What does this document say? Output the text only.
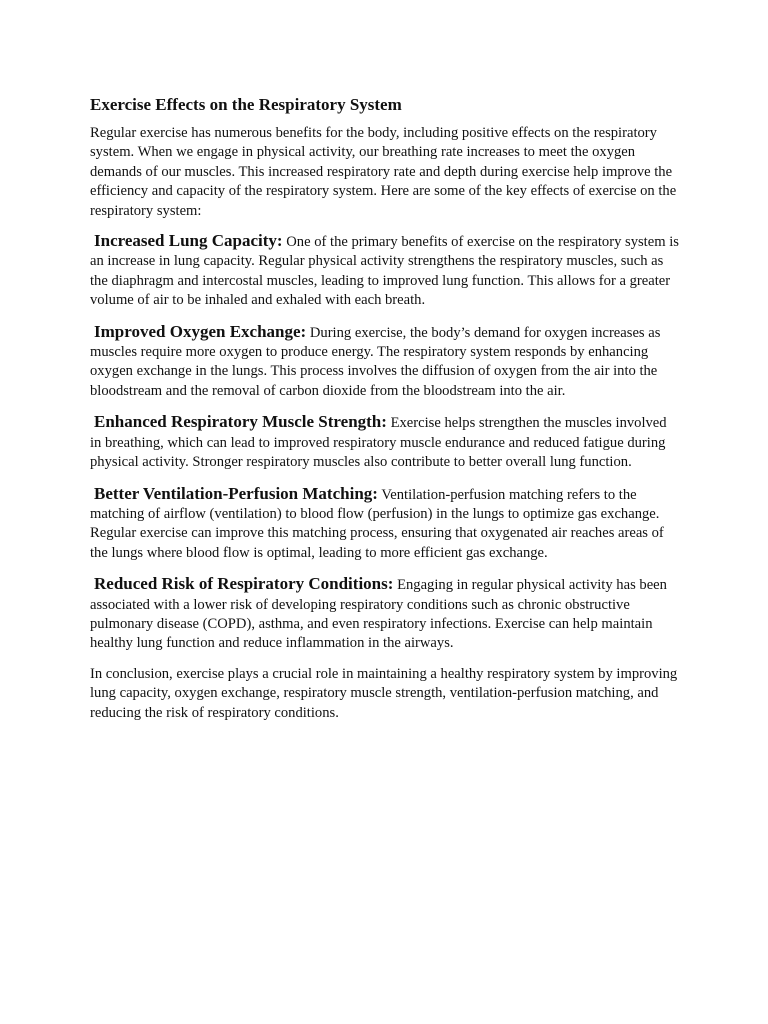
Exercise Effects on the Respiratory System

Regular exercise has numerous benefits for the body, including positive effects on the respiratory system. When we engage in physical activity, our breathing rate increases to meet the oxygen demands of our muscles. This increased respiratory rate and depth during exercise help improve the efficiency and capacity of the respiratory system. Here are some of the key effects of exercise on the respiratory system:

Increased Lung Capacity: One of the primary benefits of exercise on the respiratory system is an increase in lung capacity. Regular physical activity strengthens the respiratory muscles, such as the diaphragm and intercostal muscles, leading to improved lung function. This allows for a greater volume of air to be inhaled and exhaled with each breath.

Improved Oxygen Exchange: During exercise, the body’s demand for oxygen increases as muscles require more oxygen to produce energy. The respiratory system responds by enhancing oxygen exchange in the lungs. This process involves the diffusion of oxygen from the air into the bloodstream and the removal of carbon dioxide from the bloodstream into the air.

Enhanced Respiratory Muscle Strength: Exercise helps strengthen the muscles involved in breathing, which can lead to improved respiratory muscle endurance and reduced fatigue during physical activity. Stronger respiratory muscles also contribute to better overall lung function.

Better Ventilation-Perfusion Matching: Ventilation-perfusion matching refers to the matching of airflow (ventilation) to blood flow (perfusion) in the lungs to optimize gas exchange. Regular exercise can improve this matching process, ensuring that oxygenated air reaches areas of the lungs where blood flow is optimal, leading to more efficient gas exchange.

Reduced Risk of Respiratory Conditions: Engaging in regular physical activity has been associated with a lower risk of developing respiratory conditions such as chronic obstructive pulmonary disease (COPD), asthma, and even respiratory infections. Exercise can help maintain healthy lung function and reduce inflammation in the airways.

In conclusion, exercise plays a crucial role in maintaining a healthy respiratory system by improving lung capacity, oxygen exchange, respiratory muscle strength, ventilation-perfusion matching, and reducing the risk of respiratory conditions.
